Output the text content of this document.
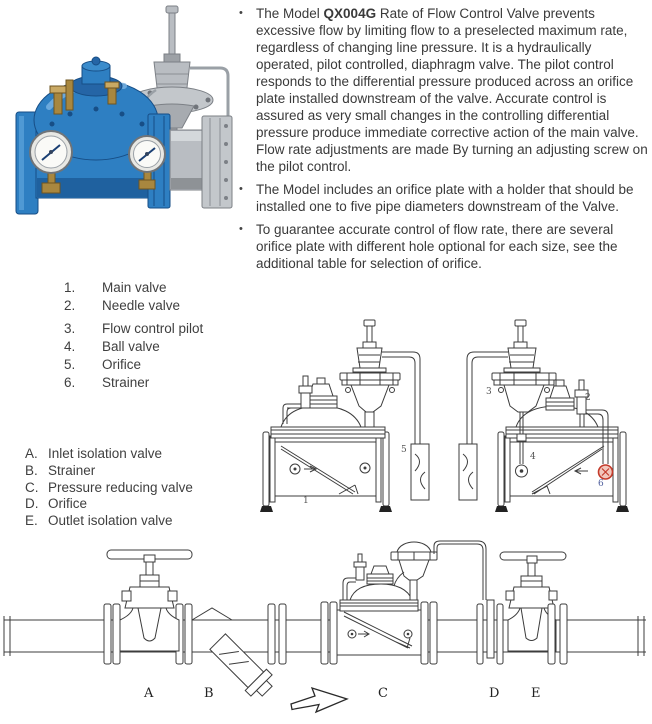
• The Model QX004G Rate of Flow Control Valve prevents excessive flow by limiting flow to a preselected maximum rate, regardless of changing line pressure. It is a hydraulically operated, pilot controlled, diaphragm valve. The pilot control responds to the differential pressure produced across an orifice plate installed downstream of the valve. Accurate control is assured as very small changes in the controlling differential pressure produce immediate corrective action of the main valve. Flow rate adjustments are made By turning an adjusting screw on the pilot control.
• The Model includes an orifice plate with a holder that should be installed one to five pipe diameters downstream of the Valve.
• To guarantee accurate control of flow rate, there are several orifice plate with different hole optional for each size, see the additional table for selection of orifice.
1.	Main valve
2.	Needle valve
3.	Flow control pilot
4.	Ball valve
5.	Orifice
6.	Strainer
A. Inlet isolation valve
B. Strainer
C. Pressure reducing valve
D. Orifice
E. Outlet isolation valve
1
5
3
2
4
6
A	B	C	D E
